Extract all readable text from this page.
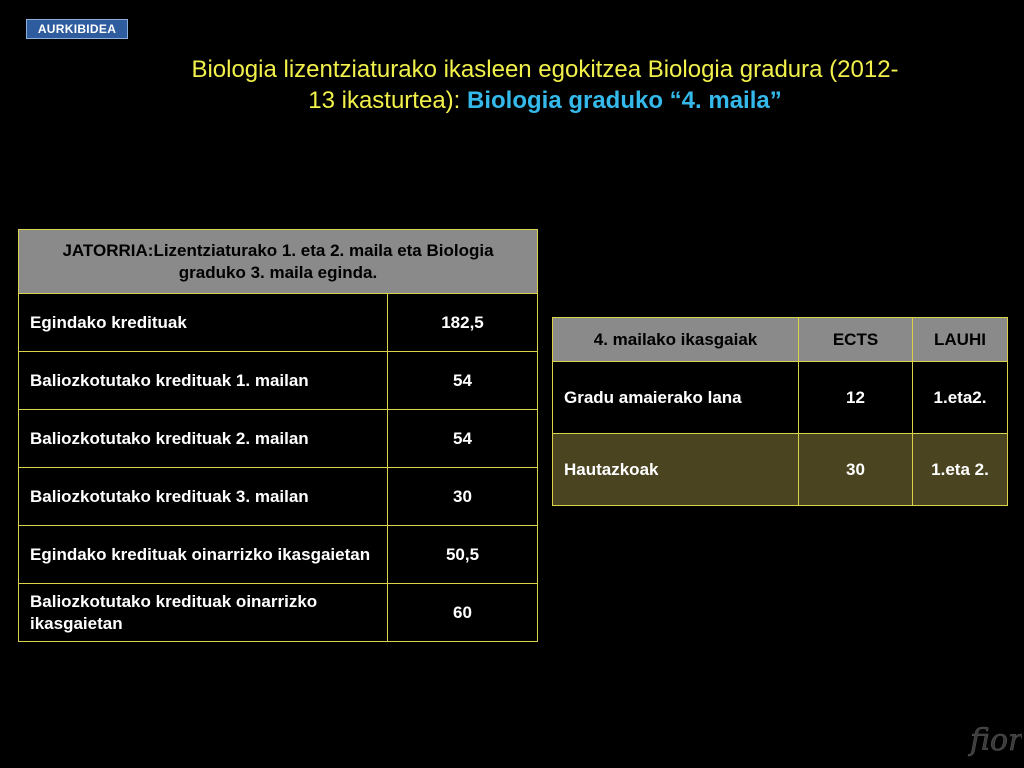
AURKIBIDEA
Biologia lizentziaturako ikasleen egokitzea Biologia gradura (2012-
13 ikasturtea): Biologia graduko “4. maila”
JATORRIA:Lizentziaturako 1. eta 2. maila eta Biologia graduko 3. maila eginda.	
Egindako kredituak	182,5
Baliozkotutako kredituak 1. mailan	54
Baliozkotutako kredituak 2. mailan	54
Baliozkotutako kredituak 3. mailan	30
Egindako kredituak oinarrizko ikasgaietan	50,5
Baliozkotutako kredituak oinarrizko ikasgaietan	60
4. mailako ikasgaiak	ECTS	LAUHI
Gradu amaierako lana	12	1.eta2.
Hautazkoak	30	1.eta 2.
fior
